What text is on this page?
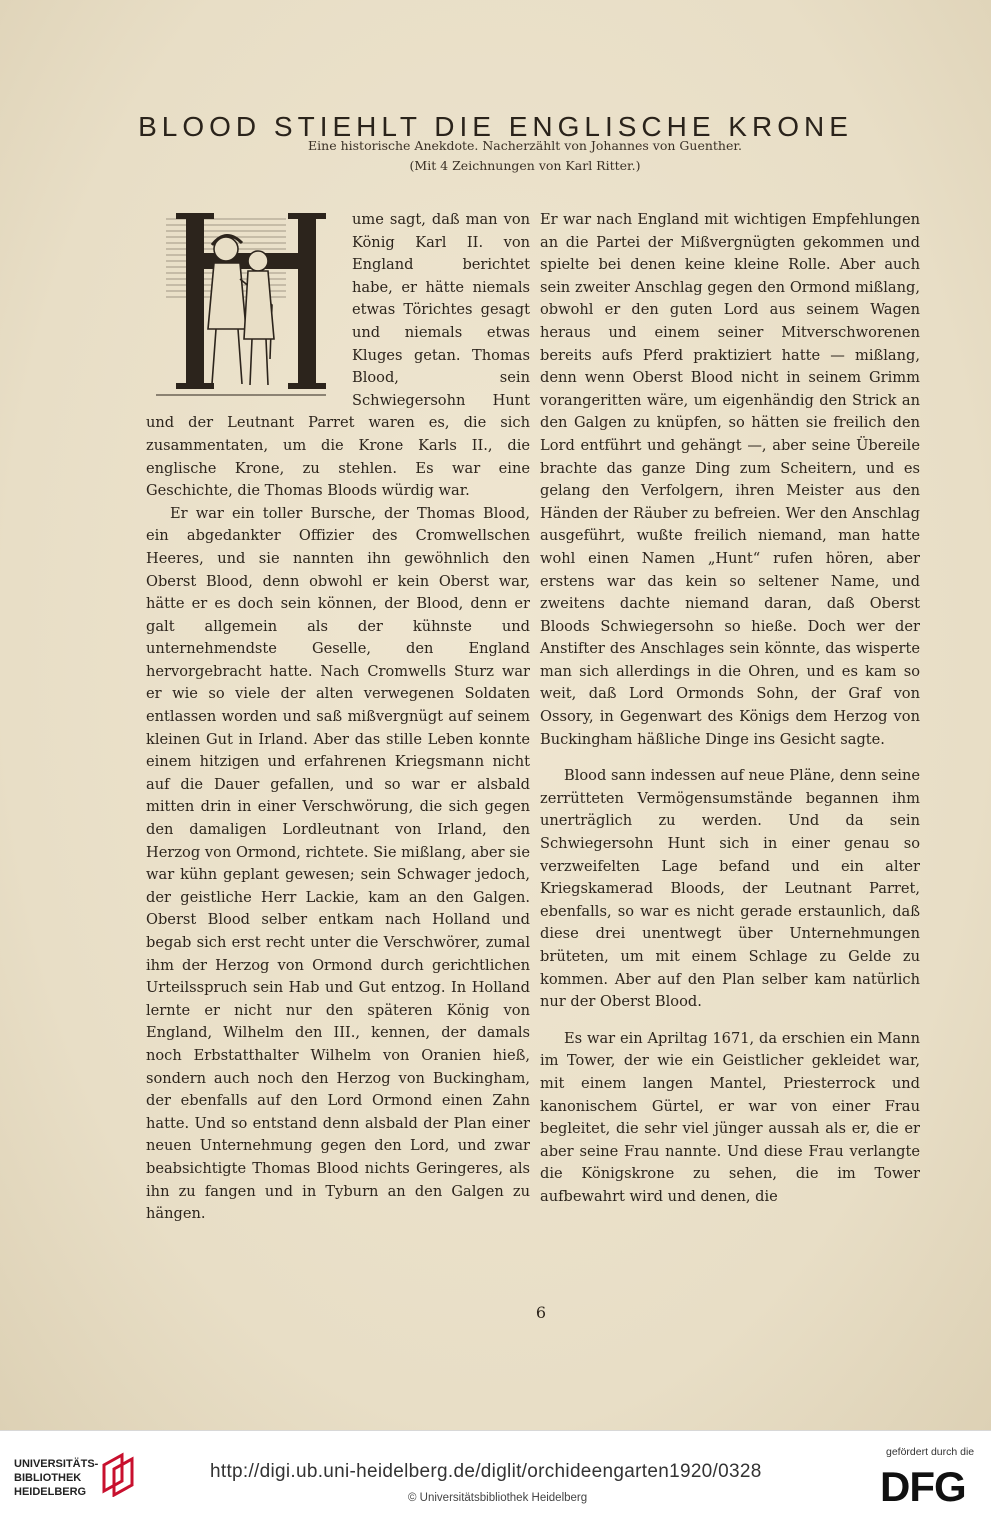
BLOOD STIEHLT DIE ENGLISCHE KRONE
Eine historische Anekdote. Nacherzählt von Johannes von Guenther.
(Mit 4 Zeichnungen von Karl Ritter.)

ume sagt, daß man von König Karl II. von England berichtet habe, er hätte niemals etwas Törichtes gesagt und niemals etwas Kluges getan. Thomas Blood, sein Schwiegersohn Hunt und der Leutnant Parret waren es, die sich zusammentaten, um die Krone Karls II., die englische Krone, zu stehlen. Es war eine Geschichte, die Thomas Bloods würdig war.

Er war ein toller Bursche, der Thomas Blood, ein abgedankter Offizier des Cromwellschen Heeres, und sie nannten ihn gewöhnlich den Oberst Blood, denn obwohl er kein Oberst war, hätte er es doch sein können, der Blood, denn er galt allgemein als der kühnste und unternehmendste Geselle, den England hervorgebracht hatte. Nach Cromwells Sturz war er wie so viele der alten verwegenen Soldaten entlassen worden und saß mißvergnügt auf seinem kleinen Gut in Irland. Aber das stille Leben konnte einem hitzigen und erfahrenen Kriegsmann nicht auf die Dauer gefallen, und so war er alsbald mitten drin in einer Verschwörung, die sich gegen den damaligen Lordleutnant von Irland, den Herzog von Ormond, richtete. Sie mißlang, aber sie war kühn geplant gewesen; sein Schwager jedoch, der geistliche Herr Lackie, kam an den Galgen. Oberst Blood selber entkam nach Holland und begab sich erst recht unter die Verschwörer, zumal ihm der Herzog von Ormond durch gerichtlichen Urteilsspruch sein Hab und Gut entzog. In Holland lernte er nicht nur den späteren König von England, Wilhelm den III., kennen, der damals noch Erbstatthalter Wilhelm von Oranien hieß, sondern auch noch den Herzog von Buckingham, der ebenfalls auf den Lord Ormond einen Zahn hatte. Und so entstand denn alsbald der Plan einer neuen Unternehmung gegen den Lord, und zwar beabsichtigte Thomas Blood nichts Geringeres, als ihn zu fangen und in Tyburn an den Galgen zu hängen.

Er war nach England mit wichtigen Empfehlungen an die Partei der Mißvergnügten gekommen und spielte bei denen keine kleine Rolle. Aber auch sein zweiter Anschlag gegen den Ormond mißlang, obwohl er den guten Lord aus seinem Wagen heraus und einem seiner Mitverschworenen bereits aufs Pferd praktiziert hatte — mißlang, denn wenn Oberst Blood nicht in seinem Grimm vorangeritten wäre, um eigenhändig den Strick an den Galgen zu knüpfen, so hätten sie freilich den Lord entführt und gehängt —, aber seine Übereile brachte das ganze Ding zum Scheitern, und es gelang den Verfolgern, ihren Meister aus den Händen der Räuber zu befreien. Wer den Anschlag ausgeführt, wußte freilich niemand, man hatte wohl einen Namen „Hunt“ rufen hören, aber erstens war das kein so seltener Name, und zweitens dachte niemand daran, daß Oberst Bloods Schwiegersohn so hieße. Doch wer der Anstifter des Anschlages sein könnte, das wisperte man sich allerdings in die Ohren, und es kam so weit, daß Lord Ormonds Sohn, der Graf von Ossory, in Gegenwart des Königs dem Herzog von Buckingham häßliche Dinge ins Gesicht sagte.

Blood sann indessen auf neue Pläne, denn seine zerrütteten Vermögensumstände begannen ihm unerträglich zu werden. Und da sein Schwiegersohn Hunt sich in einer genau so verzweifelten Lage befand und ein alter Kriegskamerad Bloods, der Leutnant Parret, ebenfalls, so war es nicht gerade erstaunlich, daß diese drei unentwegt über Unternehmungen brüteten, um mit einem Schlage zu Gelde zu kommen. Aber auf den Plan selber kam natürlich nur der Oberst Blood.

Es war ein Apriltag 1671, da erschien ein Mann im Tower, der wie ein Geistlicher gekleidet war, mit einem langen Mantel, Priesterrock und kanonischem Gürtel, er war von einer Frau begleitet, die sehr viel jünger aussah als er, die er aber seine Frau nannte. Und diese Frau verlangte die Königskrone zu sehen, die im Tower aufbewahrt wird und denen, die

6
UNIVERSITÄTS-
BIBLIOTHEK
HEIDELBERG
http://digi.ub.uni-heidelberg.de/diglit/orchideengarten1920/0328
© Universitätsbibliothek Heidelberg
gefördert durch die
DFG
